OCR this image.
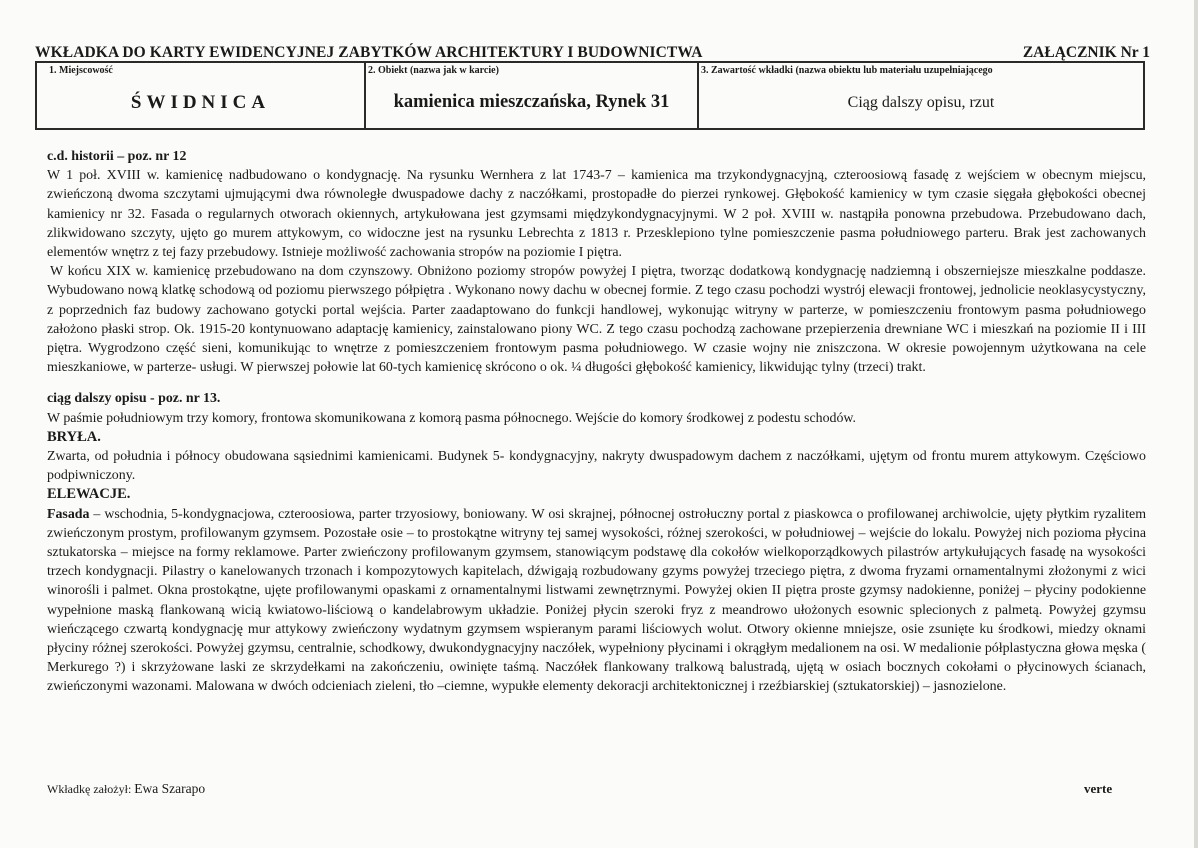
WKŁADKA DO KARTY EWIDENCYJNEJ ZABYTKÓW ARCHITEKTURY I BUDOWNICTWA	ZAŁĄCZNIK Nr 1
1. Miejscowość
ŚWIDNICA
2. Obiekt (nazwa jak w karcie)
kamienica mieszczańska, Rynek 31
3. Zawartość wkładki (nazwa obiektu lub materiału uzupełniającego
Ciąg dalszy opisu, rzut

c.d. historii – poz. nr 12

W 1 poł. XVIII w. kamienicę nadbudowano o kondygnację. Na rysunku Wernhera z lat 1743-7 – kamienica ma trzykondygnacyjną, czteroosiową fasadę z wejściem w obecnym miejscu, zwieńczoną dwoma szczytami ujmującymi dwa równoległe dwuspadowe dachy z naczółkami, prostopadłe do pierzei rynkowej. Głębokość kamienicy w tym czasie sięgała głębokości obecnej kamienicy nr 32. Fasada o regularnych otworach okiennych, artykułowana jest gzymsami międzykondygnacyjnymi. W 2 poł. XVIII w. nastąpiła ponowna przebudowa. Przebudowano dach, zlikwidowano szczyty, ujęto go murem attykowym, co widoczne jest na rysunku Lebrechta z 1813 r. Przesklepiono tylne pomieszczenie pasma południowego parteru. Brak jest zachowanych elementów wnętrz z tej fazy przebudowy. Istnieje możliwość zachowania stropów na poziomie I piętra.

W końcu XIX w. kamienicę przebudowano na dom czynszowy. Obniżono poziomy stropów powyżej I piętra, tworząc dodatkową kondygnację nadziemną i obszerniejsze mieszkalne poddasze. Wybudowano nową klatkę schodową od poziomu pierwszego półpiętra . Wykonano nowy dachu w obecnej formie. Z tego czasu pochodzi wystrój elewacji frontowej, jednolicie neoklasycystyczny, z poprzednich faz budowy zachowano gotycki portal wejścia. Parter zaadaptowano do funkcji handlowej, wykonując witryny w parterze, w pomieszczeniu frontowym pasma południowego założono płaski strop. Ok. 1915-20 kontynuowano adaptację kamienicy, zainstalowano piony WC. Z tego czasu pochodzą zachowane przepierzenia drewniane WC i mieszkań na poziomie II i III piętra. Wygrodzono część sieni, komunikując to wnętrze z pomieszczeniem frontowym pasma południowego. W czasie wojny nie zniszczona. W okresie powojennym użytkowana na cele mieszkaniowe, w parterze- usługi. W pierwszej połowie lat 60-tych kamienicę skrócono o ok. ¼ długości głębokość kamienicy, likwidując tylny (trzeci) trakt.

ciąg dalszy opisu - poz. nr 13.

W paśmie południowym trzy komory, frontowa skomunikowana z komorą pasma północnego. Wejście do komory środkowej z podestu schodów.

BRYŁA.

Zwarta, od południa i północy obudowana sąsiednimi kamienicami. Budynek 5- kondygnacyjny, nakryty dwuspadowym dachem z naczółkami, ujętym od frontu murem attykowym. Częściowo podpiwniczony.

ELEWACJE.

Fasada – wschodnia, 5-kondygnacjowa, czteroosiowa, parter trzyosiowy, boniowany. W osi skrajnej, północnej ostrołuczny portal z piaskowca o profilowanej archiwolcie, ujęty płytkim ryzalitem zwieńczonym prostym, profilowanym gzymsem. Pozostałe osie – to prostokątne witryny tej samej wysokości, różnej szerokości, w południowej – wejście do lokalu. Powyżej nich pozioma płycina sztukatorska – miejsce na formy reklamowe. Parter zwieńczony profilowanym gzymsem, stanowiącym podstawę dla cokołów wielkoporządkowych pilastrów artykułujących fasadę na wysokości trzech kondygnacji. Pilastry o kanelowanych trzonach i kompozytowych kapitelach, dźwigają rozbudowany gzyms powyżej trzeciego piętra, z dwoma fryzami ornamentalnymi złożonymi z wici winorośli i palmet. Okna prostokątne, ujęte profilowanymi opaskami z ornamentalnymi listwami zewnętrznymi. Powyżej okien II piętra proste gzymsy nadokienne, poniżej – płyciny podokienne wypełnione maską flankowaną wicią kwiatowo-liściową o kandelabrowym układzie. Poniżej płycin szeroki fryz z meandrowo ułożonych esownic splecionych z palmetą. Powyżej gzymsu wieńczącego czwartą kondygnację mur attykowy zwieńczony wydatnym gzymsem wspieranym parami liściowych wolut. Otwory okienne mniejsze, osie zsunięte ku środkowi, miedzy oknami płyciny różnej szerokości. Powyżej gzymsu, centralnie, schodkowy, dwukondygnacyjny naczółek, wypełniony płycinami i okrągłym medalionem na osi. W medalionie półplastyczna głowa męska ( Merkurego ?) i skrzyżowane laski ze skrzydełkami na zakończeniu, owinięte taśmą. Naczółek flankowany tralkową balustradą, ujętą w osiach bocznych cokołami o płycinowych ścianach, zwieńczonymi wazonami. Malowana w dwóch odcieniach zieleni, tło –ciemne, wypukłe elementy dekoracji architektonicznej i rzeźbiarskiej (sztukatorskiej) – jasnozielone.

Wkładkę założył: Ewa Szarapo	verte
